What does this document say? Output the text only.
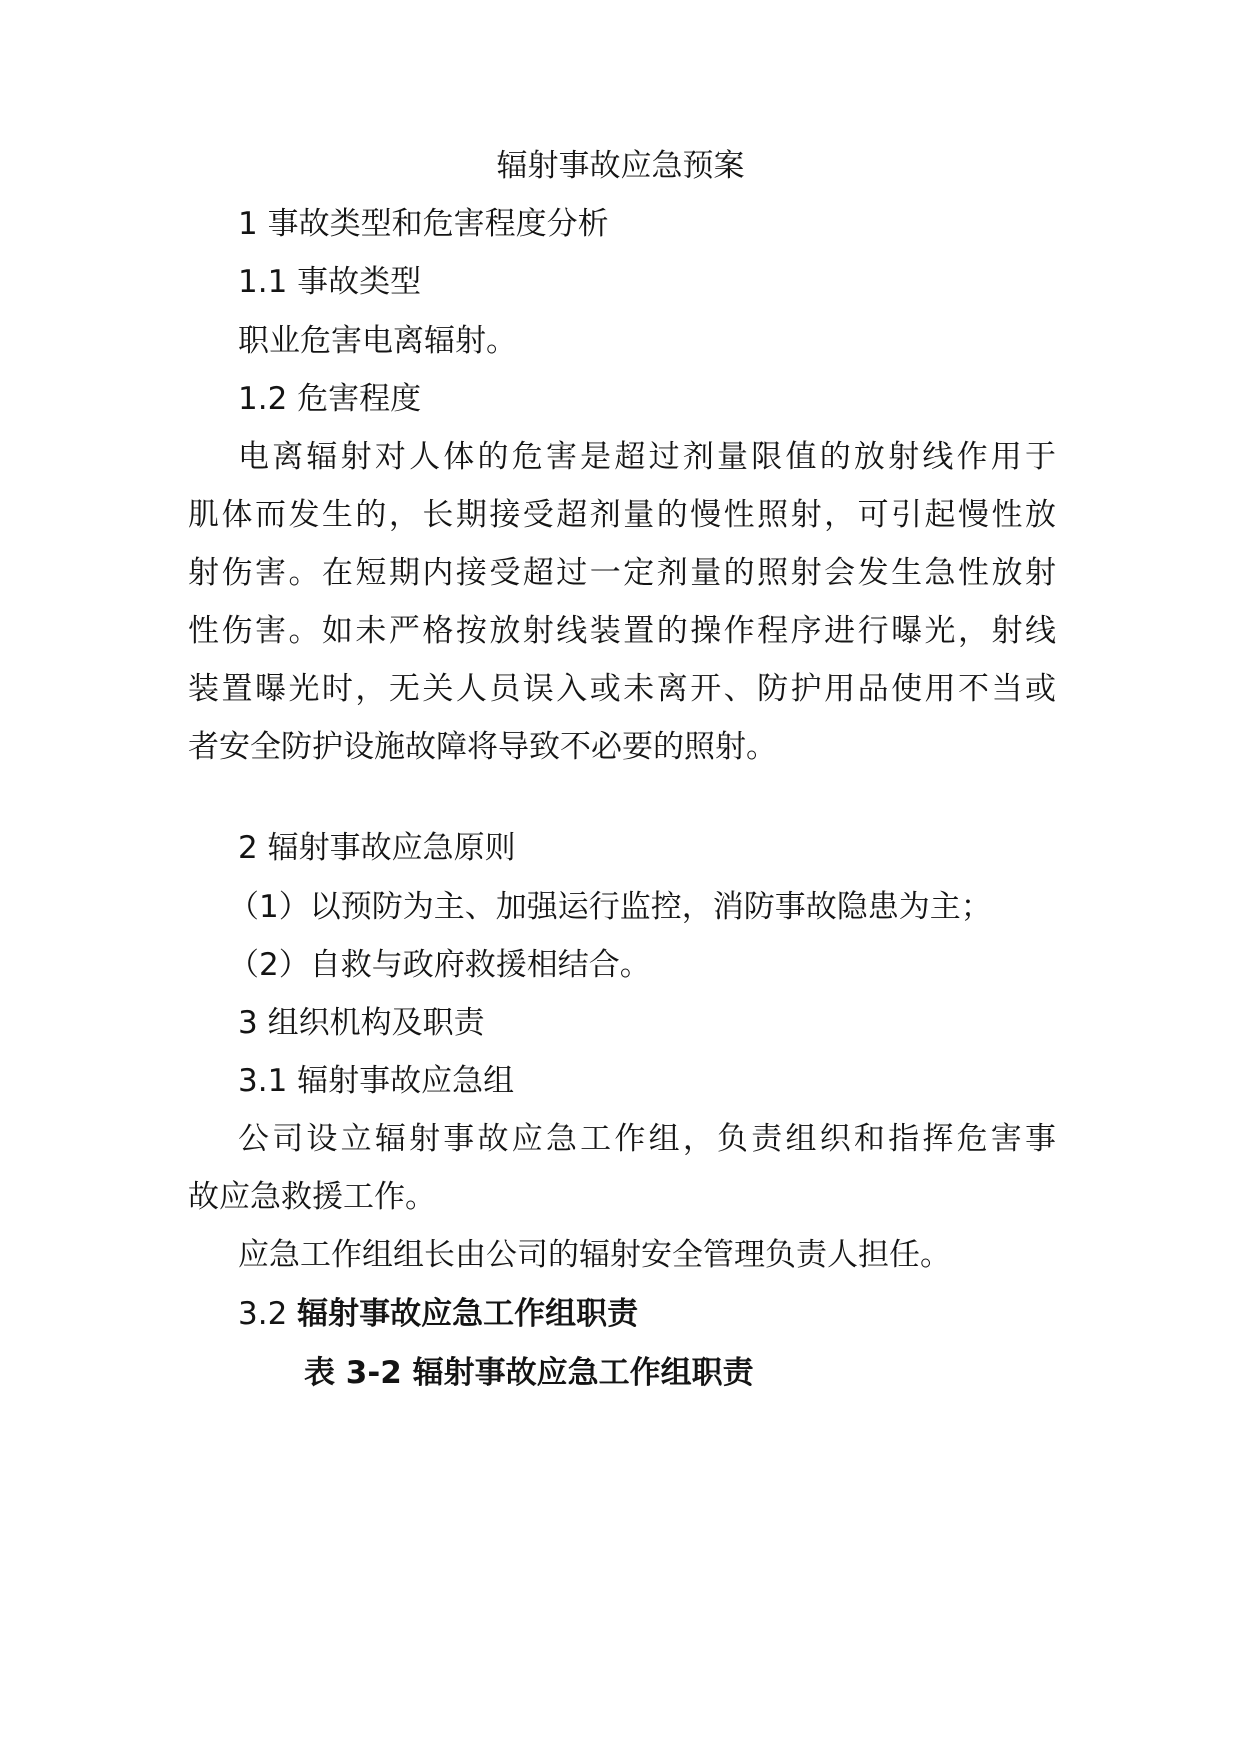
辐射事故应急预案
1 事故类型和危害程度分析
1.1 事故类型

职业危害电离辐射。

1.2 危害程度

电离辐射对人体的危害是超过剂量限值的放射线作用于

肌体而发生的，长期接受超剂量的慢性照射，可引起慢性放

射伤害。在短期内接受超过一定剂量的照射会发生急性放射

性伤害。如未严格按放射线装置的操作程序进行曝光，射线

装置曝光时，无关人员误入或未离开、防护用品使用不当或

者安全防护设施故障将导致不必要的照射。

2 辐射事故应急原则

（1）以预防为主、加强运行监控，消防事故隐患为主；

（2）自救与政府救援相结合。

3 组织机构及职责
3.1 辐射事故应急组

公司设立辐射事故应急工作组，负责组织和指挥危害事

故应急救援工作。

应急工作组组长由公司的辐射安全管理负责人担任。

3.2 辐射事故应急工作组职责

表 3-2 辐射事故应急工作组职责
